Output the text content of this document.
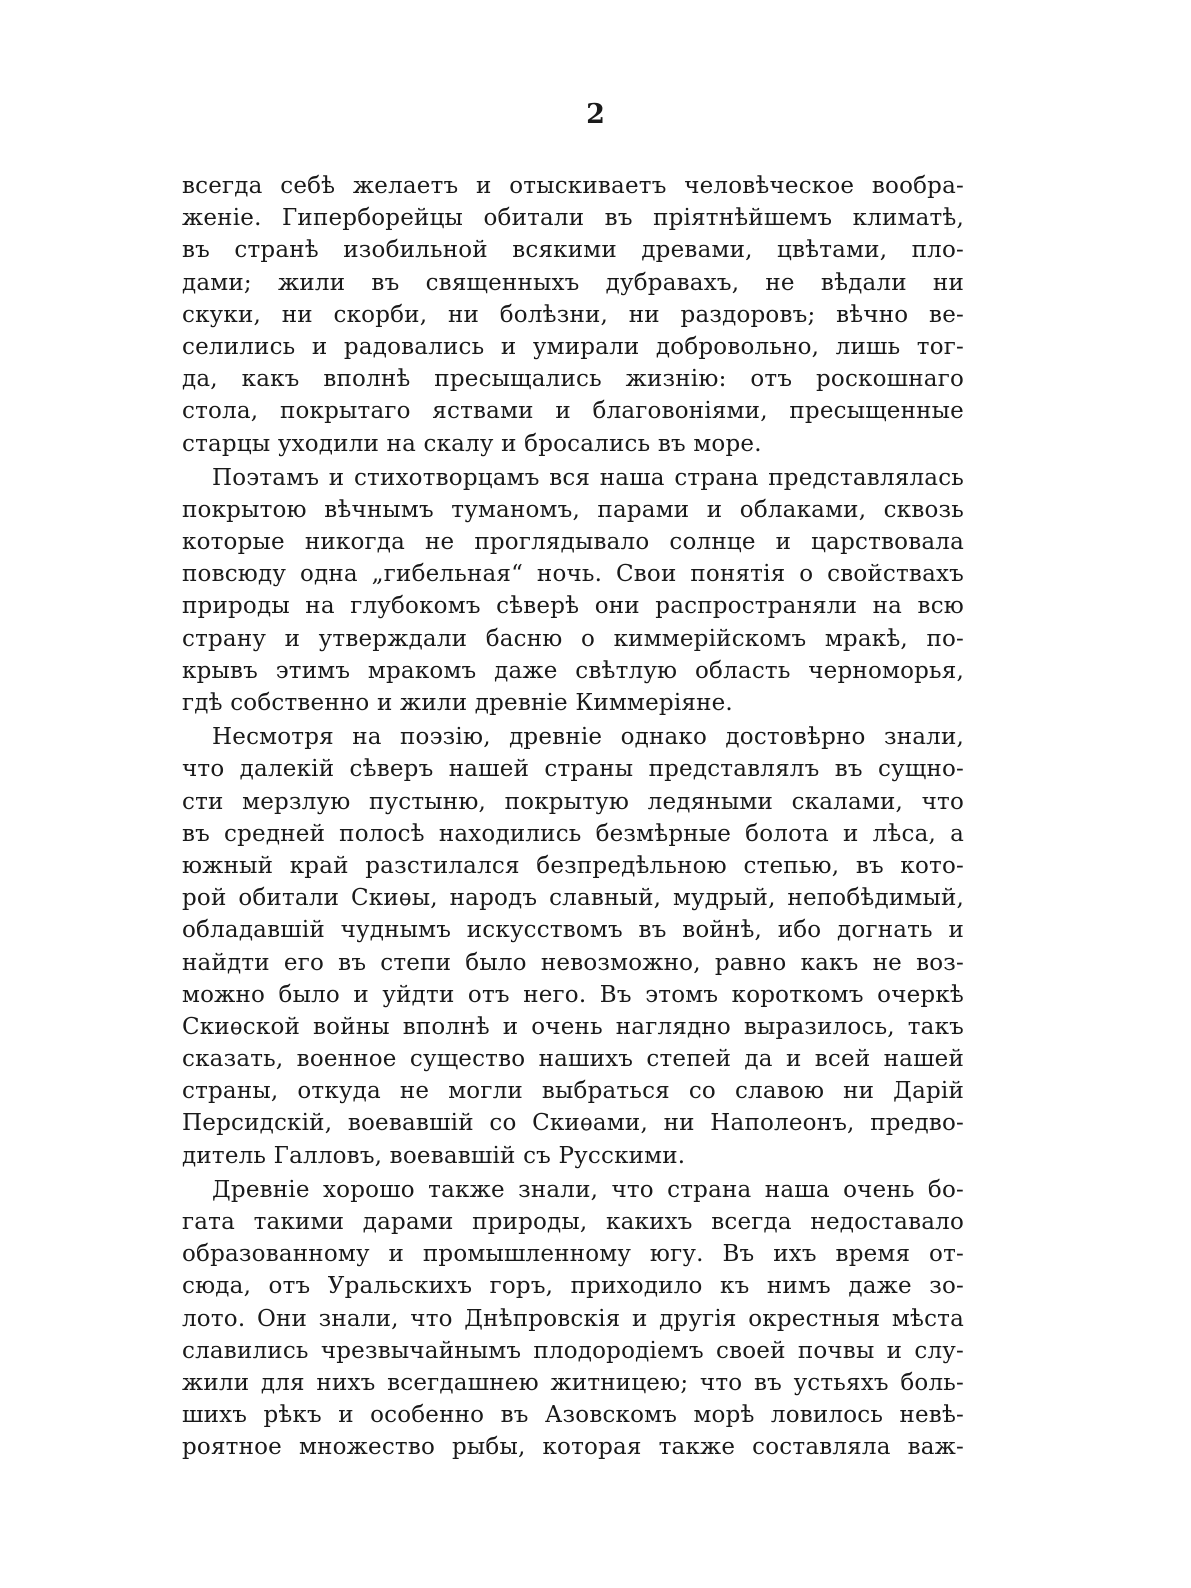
2
всегда себѣ желаетъ и отыскиваетъ человѣческое вообра-
женіе. Гиперборейцы обитали въ пріятнѣйшемъ климатѣ,
въ странѣ изобильной всякими древами, цвѣтами, пло-
дами; жили въ священныхъ дубравахъ, не вѣдали ни
скуки, ни скорби, ни болѣзни, ни раздоровъ; вѣчно ве-
селились и радовались и умирали добровольно, лишь тог-
да, какъ вполнѣ пресыщались жизнію: отъ роскошнаго
стола, покрытаго яствами и благовоніями, пресыщенные
старцы уходили на скалу и бросались въ море.
Поэтамъ и стихотворцамъ вся наша страна представлялась
покрытою вѣчнымъ туманомъ, парами и облаками, сквозь
которые никогда не проглядывало солнце и царствовала
повсюду одна „гибельная“ ночь. Свои понятія о свойствахъ
природы на глубокомъ сѣверѣ они распространяли на всю
страну и утверждали басню о киммерійскомъ мракѣ, по-
крывъ этимъ мракомъ даже свѣтлую область черноморья,
гдѣ собственно и жили древніе Киммеріяне.
Несмотря на поэзію, древніе однако достовѣрно знали,
что далекій сѣверъ нашей страны представлялъ въ сущно-
сти мерзлую пустыню, покрытую ледяными скалами, что
въ средней полосѣ находились безмѣрные болота и лѣса, а
южный край разстилался безпредѣльною степью, въ кото-
рой обитали Скиѳы, народъ славный, мудрый, непобѣдимый,
обладавшій чуднымъ искусствомъ въ войнѣ, ибо догнать и
найдти его въ степи было невозможно, равно какъ не воз-
можно было и уйдти отъ него. Въ этомъ короткомъ очеркѣ
Скиѳской войны вполнѣ и очень наглядно выразилось, такъ
сказать, военное существо нашихъ степей да и всей нашей
страны, откуда не могли выбраться со славою ни Дарій
Персидскій, воевавшій со Скиѳами, ни Наполеонъ, предво-
дитель Галловъ, воевавшій съ Русскими.
Древніе хорошо также знали, что страна наша очень бо-
гата такими дарами природы, какихъ всегда недоставало
образованному и промышленному югу. Въ ихъ время от-
сюда, отъ Уральскихъ горъ, приходило къ нимъ даже зо-
лото. Они знали, что Днѣпровскія и другія окрестныя мѣста
славились чрезвычайнымъ плодородіемъ своей почвы и слу-
жили для нихъ всегдашнею житницею; что въ устьяхъ боль-
шихъ рѣкъ и особенно въ Азовскомъ морѣ ловилось невѣ-
роятное множество рыбы, которая также составляла важ-
